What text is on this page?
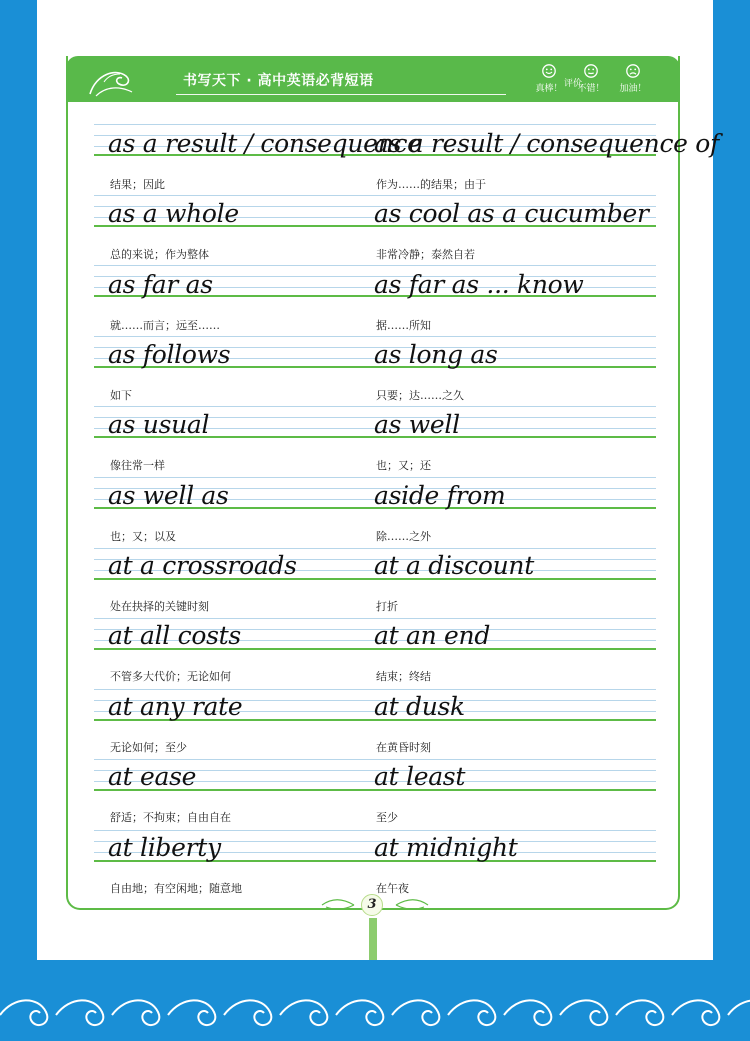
书写天下 · 高中英语必背短语	评价
真棒！	不错！	加油！
as a result / consequence
结果；因此
as a result / consequence of
作为……的结果；由于
as a whole
总的来说；作为整体
as cool as a cucumber
非常冷静；泰然自若
as far as
就……而言；远至……
as far as ... know
据……所知
as follows
如下
as long as
只要；达……之久
as usual
像往常一样
as well
也；又；还
as well as
也；又；以及
aside from
除……之外
at a crossroads
处在抉择的关键时刻
at a discount
打折
at all costs
不管多大代价；无论如何
at an end
结束；终结
at any rate
无论如何；至少
at dusk
在黄昏时刻
at ease
舒适；不拘束；自由自在
at least
至少
at liberty
自由地；有空闲地；随意地
at midnight
在午夜
3
